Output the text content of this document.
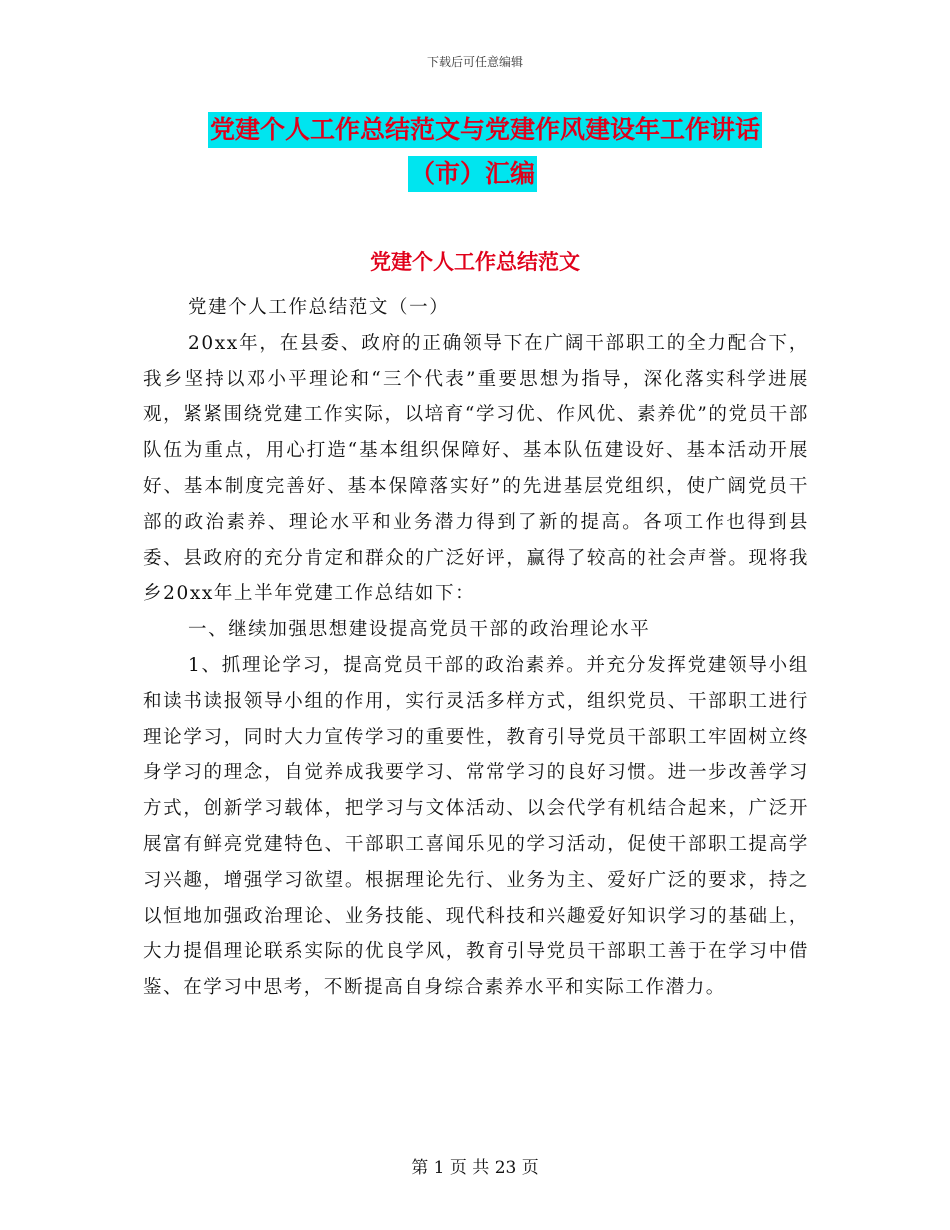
下载后可任意编辑
党建个人工作总结范文与党建作风建设年工作讲话
（市）汇编
党建个人工作总结范文

党建个人工作总结范文（一）

20xx年，在县委、政府的正确领导下在广阔干部职工的全力配合下，我乡坚持以邓小平理论和“三个代表”重要思想为指导，深化落实科学进展观，紧紧围绕党建工作实际，以培育“学习优、作风优、素养优”的党员干部队伍为重点，用心打造“基本组织保障好、基本队伍建设好、基本活动开展好、基本制度完善好、基本保障落实好”的先进基层党组织，使广阔党员干部的政治素养、理论水平和业务潜力得到了新的提高。各项工作也得到县委、县政府的充分肯定和群众的广泛好评，赢得了较高的社会声誉。现将我乡20xx年上半年党建工作总结如下：

一、继续加强思想建设提高党员干部的政治理论水平

1、抓理论学习，提高党员干部的政治素养。并充分发挥党建领导小组和读书读报领导小组的作用，实行灵活多样方式，组织党员、干部职工进行理论学习，同时大力宣传学习的重要性，教育引导党员干部职工牢固树立终身学习的理念，自觉养成我要学习、常常学习的良好习惯。进一步改善学习方式，创新学习载体，把学习与文体活动、以会代学有机结合起来，广泛开展富有鲜亮党建特色、干部职工喜闻乐见的学习活动，促使干部职工提高学习兴趣，增强学习欲望。根据理论先行、业务为主、爱好广泛的要求，持之以恒地加强政治理论、业务技能、现代科技和兴趣爱好知识学习的基础上，大力提倡理论联系实际的优良学风，教育引导党员干部职工善于在学习中借鉴、在学习中思考，不断提高自身综合素养水平和实际工作潜力。

第 1 页 共 23 页
